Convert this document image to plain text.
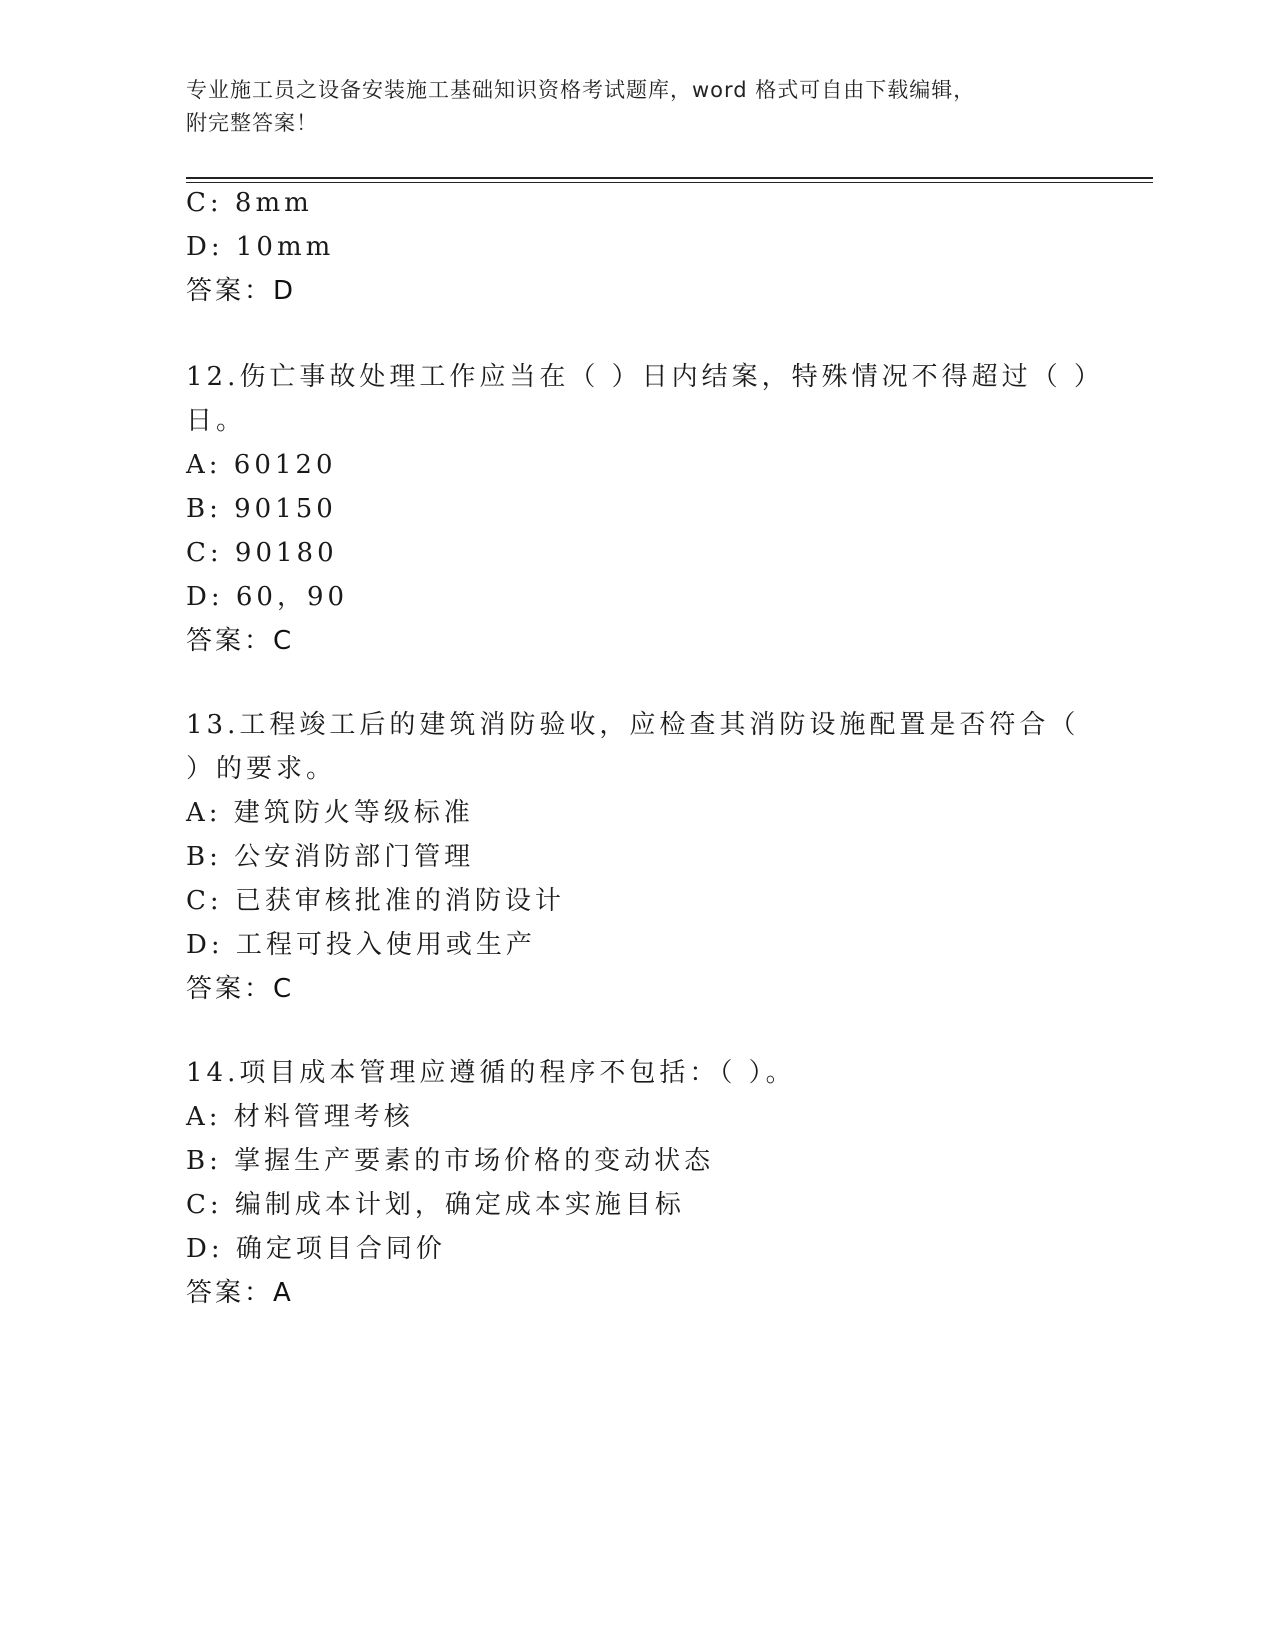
专业施工员之设备安装施工基础知识资格考试题库，word 格式可自由下载编辑，
附完整答案！
C: 8mm
D: 10mm
答案：D
12.伤亡事故处理工作应当在（ ）日内结案，特殊情况不得超过（ ）
日。
A: 60120
B: 90150
C: 90180
D: 60，90
答案：C
13.工程竣工后的建筑消防验收，应检查其消防设施配置是否符合（
）的要求。
A: 建筑防火等级标准
B: 公安消防部门管理
C: 已获审核批准的消防设计
D: 工程可投入使用或生产
答案：C
14.项目成本管理应遵循的程序不包括：（ ）。
A: 材料管理考核
B: 掌握生产要素的市场价格的变动状态
C: 编制成本计划，确定成本实施目标
D: 确定项目合同价
答案：A
